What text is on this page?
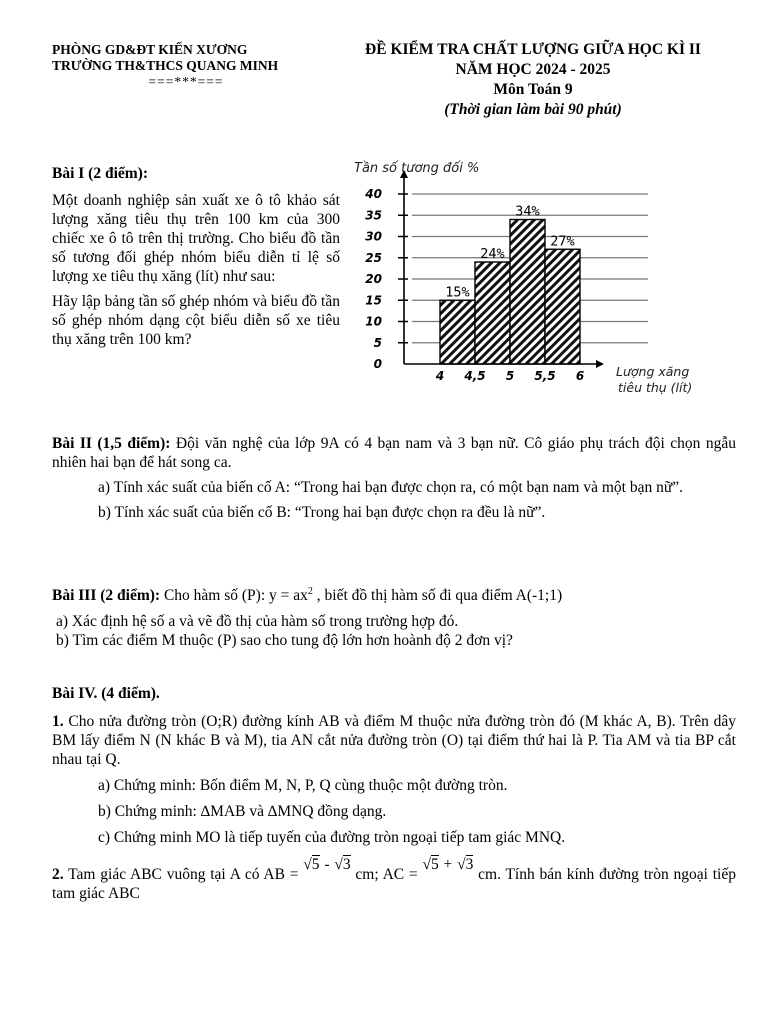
PHÒNG GD&ĐT KIẾN XƯƠNG
TRƯỜNG TH&THCS QUANG MINH
===***===
ĐỀ KIỂM TRA CHẤT LƯỢNG GIỮA HỌC KÌ II
NĂM HỌC 2024 - 2025
Môn Toán 9
(Thời gian làm bài 90 phút)

Bài I (2 điểm):

Một doanh nghiệp sản xuất xe ô tô khảo sát lượng xăng tiêu thụ trên 100 km của 300 chiếc xe ô tô trên thị trường. Cho biểu đồ tần số tương đối ghép nhóm biểu diễn tỉ lệ số lượng xe tiêu thụ xăng (lít) như sau:

Hãy lập bảng tần số ghép nhóm và biểu đồ tần số ghép nhóm dạng cột biểu diễn số xe tiêu thụ xăng trên 100 km?

0
5
10
15
20
25
30
35
40
15%
24%
34%
27%
4 4,5 5 5,5 6
Tần số tương đối %
Lượng xăng
tiêu thụ (lít)

Bài II (1,5 điểm): Đội văn nghệ của lớp 9A có 4 bạn nam và 3 bạn nữ. Cô giáo phụ trách đội chọn ngẫu nhiên hai bạn để hát song ca.

a) Tính xác suất của biến cố A: “Trong hai bạn được chọn ra, có một bạn nam và một bạn nữ”.

b) Tính xác suất của biến cố B: “Trong hai bạn được chọn ra đều là nữ”.

Bài III (2 điểm): Cho hàm số (P): $y = ax^2$ , biết đồ thị hàm số đi qua điểm A(-1;1)

a) Xác định hệ số a và vẽ đồ thị của hàm số trong trường hợp đó.

b) Tìm các điểm M thuộc (P) sao cho tung độ lớn hơn hoành độ 2 đơn vị?

Bài IV. (4 điểm).

1. Cho nửa đường tròn (O;R) đường kính AB và điểm M thuộc nửa đường tròn đó (M khác A, B). Trên dây BM lấy điểm N (N khác B và M), tia AN cắt nửa đường tròn (O) tại điểm thứ hai là P. Tia AM và tia BP cắt nhau tại Q.

a) Chứng minh: Bốn điểm M, N, P, Q cùng thuộc một đường tròn.

b) Chứng minh: ∆MAB và ∆MNQ đồng dạng.

c) Chứng minh MO là tiếp tuyến của đường tròn ngoại tiếp tam giác MNQ.

2. Tam giác ABC vuông tại A có AB = √5 - √3 cm; AC = √5 + √3 cm. Tính bán kính đường tròn ngoại tiếp tam giác ABC
